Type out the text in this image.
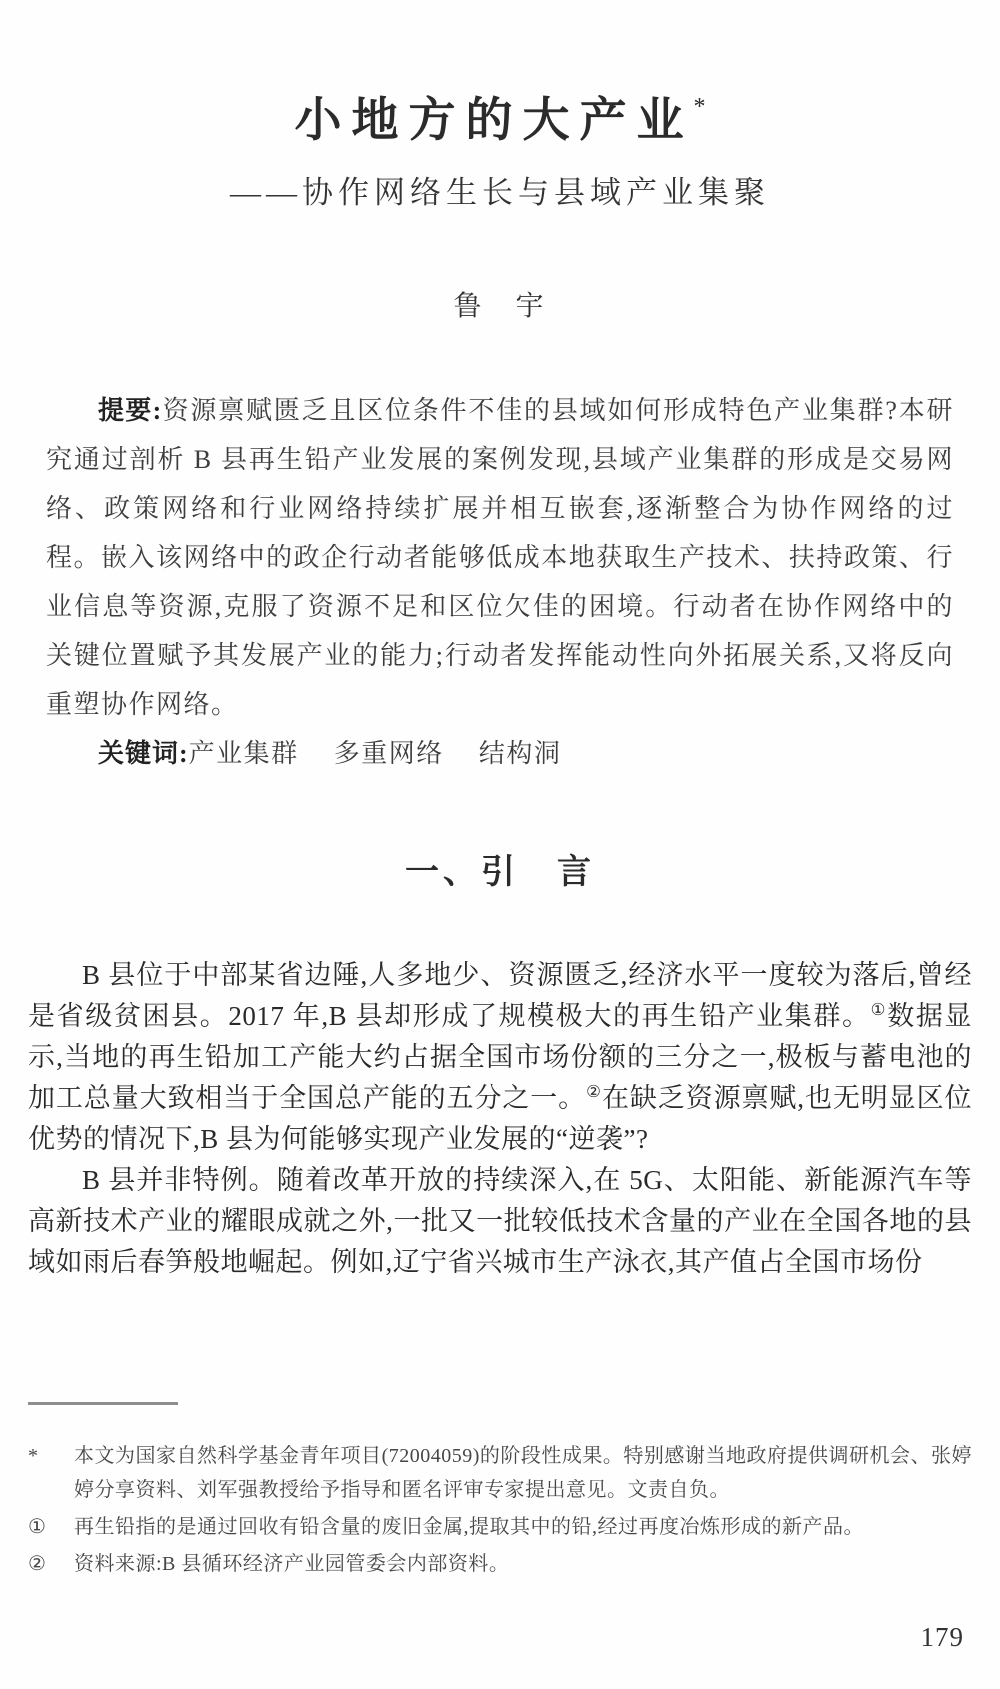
小地方的大产业*
——协作网络生长与县域产业集聚
鲁　宇

提要:资源禀赋匮乏且区位条件不佳的县域如何形成特色产业集群?本研究通过剖析 B 县再生铅产业发展的案例发现,县域产业集群的形成是交易网络、政策网络和行业网络持续扩展并相互嵌套,逐渐整合为协作网络的过程。嵌入该网络中的政企行动者能够低成本地获取生产技术、扶持政策、行业信息等资源,克服了资源不足和区位欠佳的困境。行动者在协作网络中的关键位置赋予其发展产业的能力;行动者发挥能动性向外拓展关系,又将反向重塑协作网络。

关键词:产业集群 多重网络 结构洞

一、引　言

B 县位于中部某省边陲,人多地少、资源匮乏,经济水平一度较为落后,曾经是省级贫困县。2017 年,B 县却形成了规模极大的再生铅产业集群。①数据显示,当地的再生铅加工产能大约占据全国市场份额的三分之一,极板与蓄电池的加工总量大致相当于全国总产能的五分之一。②在缺乏资源禀赋,也无明显区位优势的情况下,B 县为何能够实现产业发展的“逆袭”?

B 县并非特例。随着改革开放的持续深入,在 5G、太阳能、新能源汽车等高新技术产业的耀眼成就之外,一批又一批较低技术含量的产业在全国各地的县域如雨后春笋般地崛起。例如,辽宁省兴城市生产泳衣,其产值占全国市场份

*	本文为国家自然科学基金青年项目(72004059)的阶段性成果。特别感谢当地政府提供调研机会、张婷婷分享资料、刘军强教授给予指导和匿名评审专家提出意见。文责自负。
①	再生铅指的是通过回收有铅含量的废旧金属,提取其中的铅,经过再度冶炼形成的新产品。
②	资料来源:B 县循环经济产业园管委会内部资料。
179
